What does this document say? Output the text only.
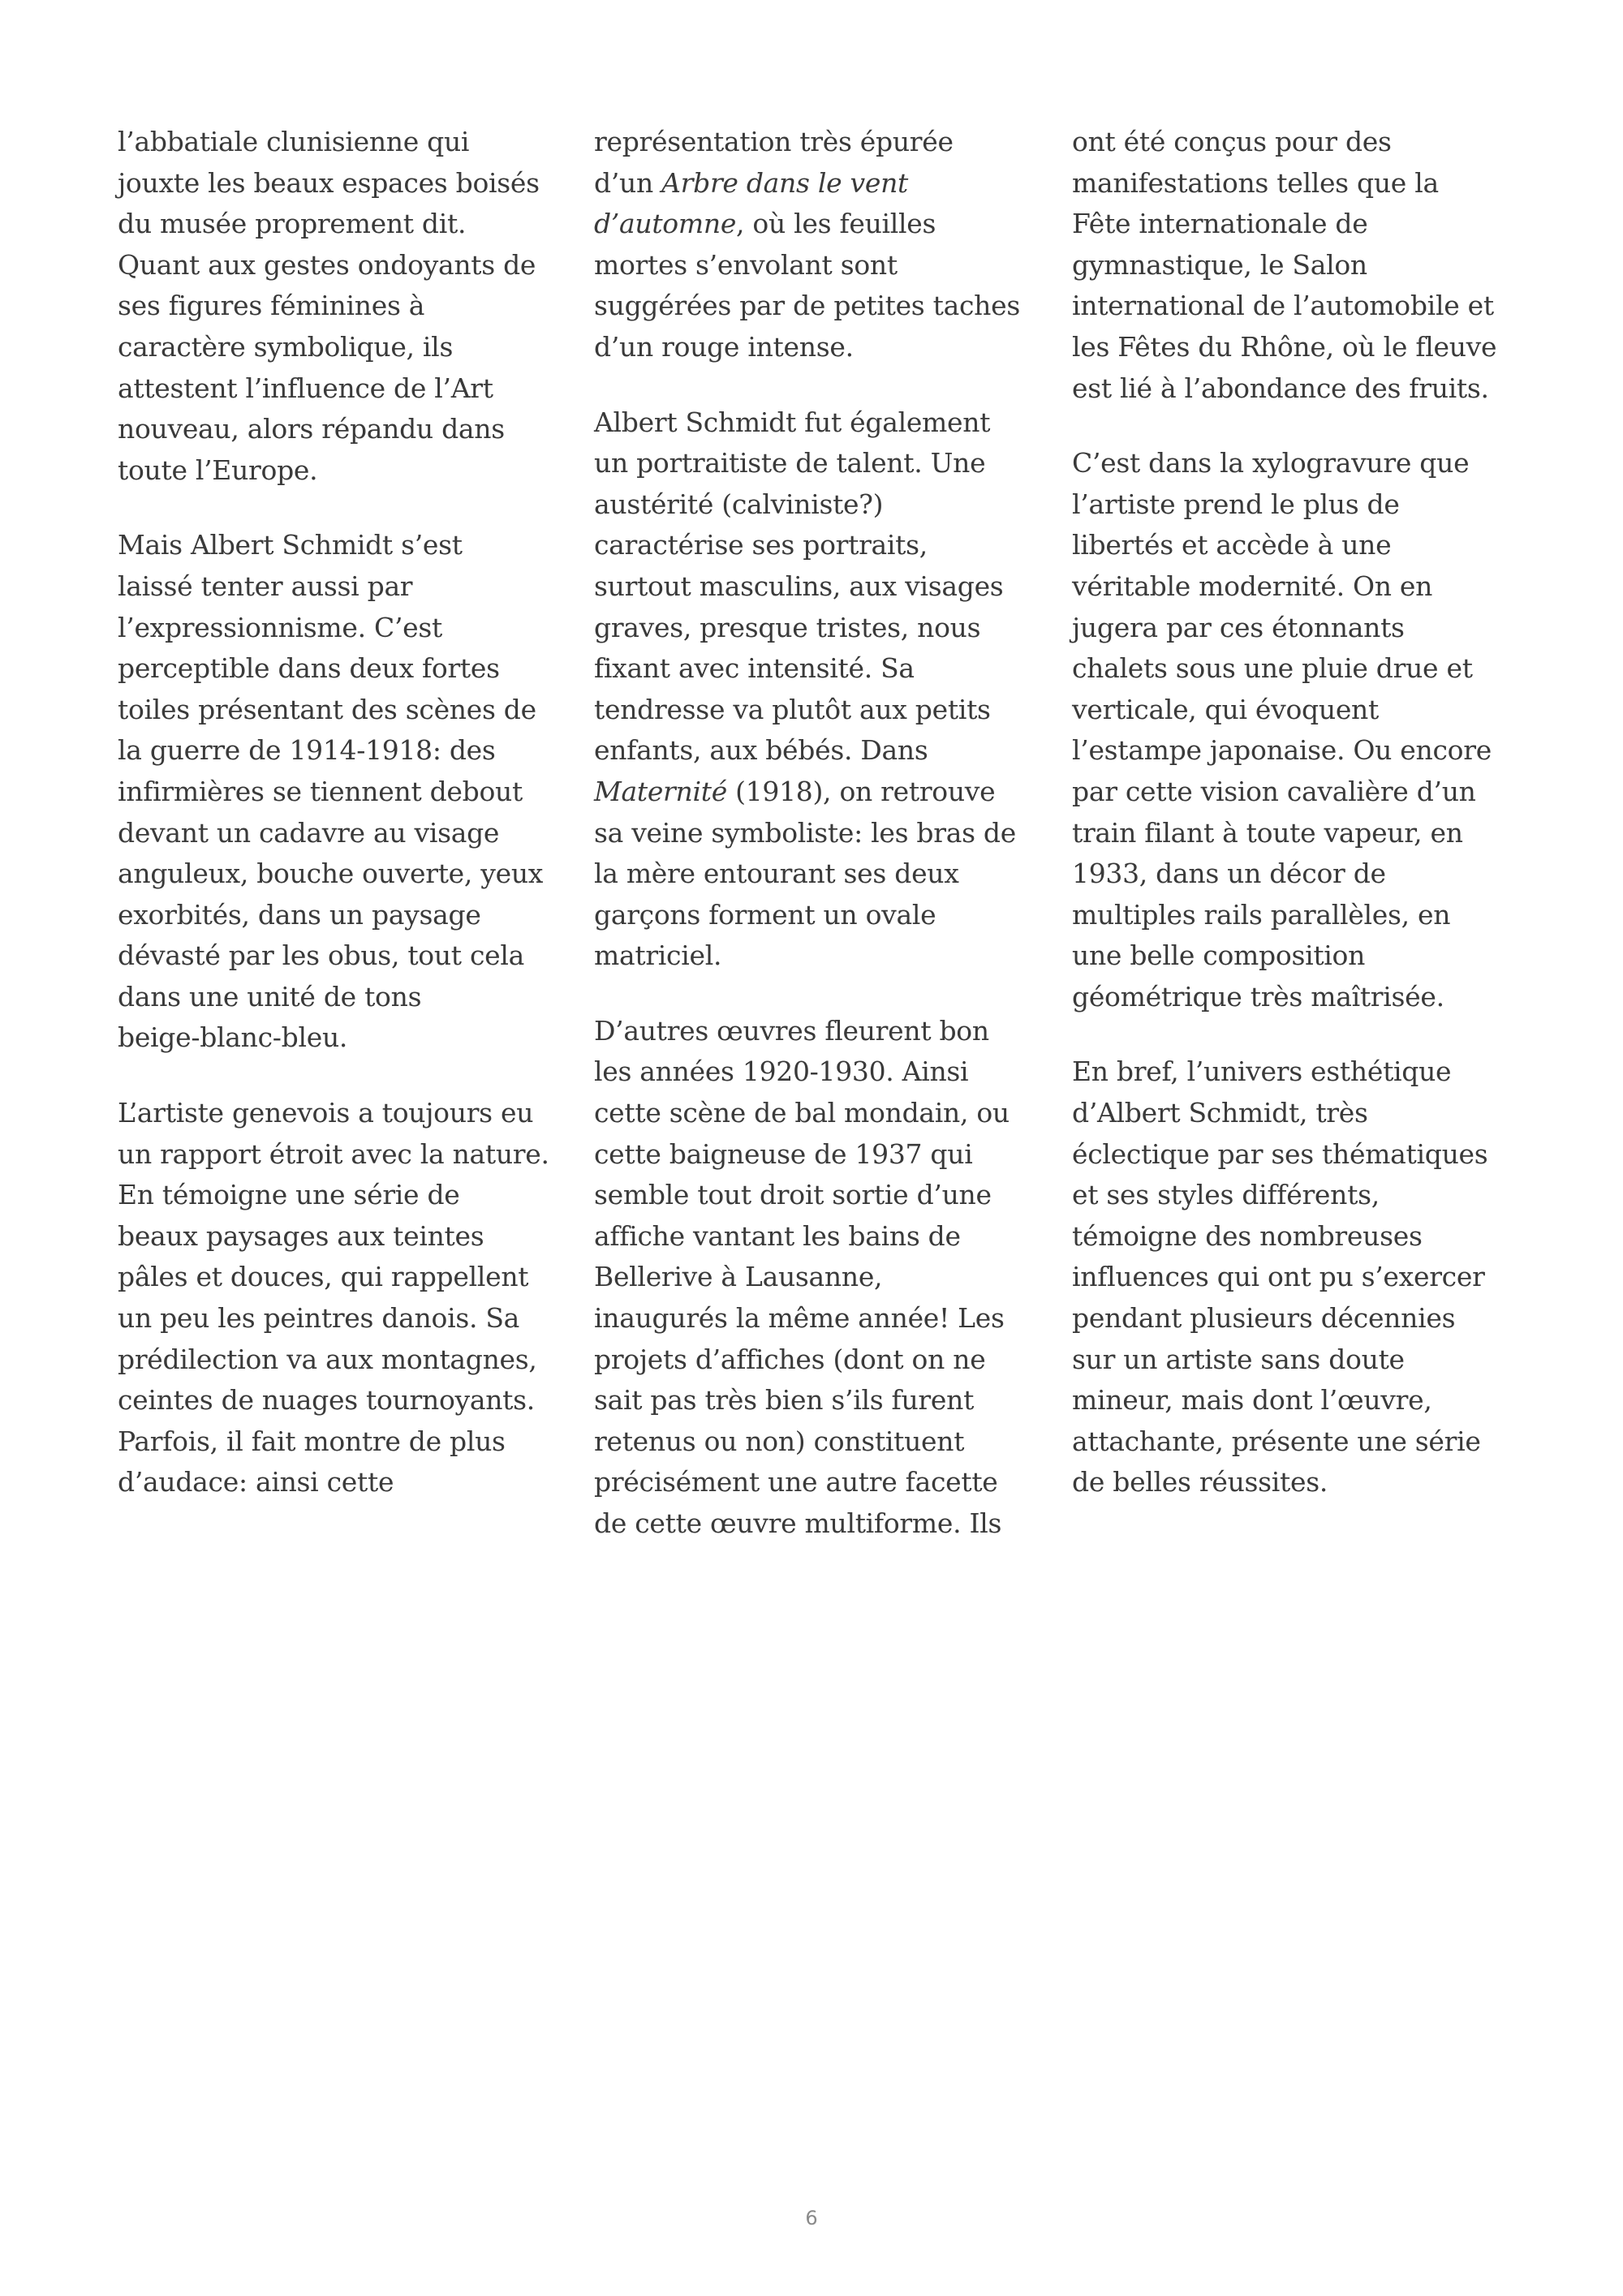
l’abbatiale clunisienne qui
jouxte les beaux espaces boisés
du musée proprement dit.
Quant aux gestes ondoyants de
ses figures féminines à
caractère symbolique, ils
attestent l’influence de l’Art
nouveau, alors répandu dans
toute l’Europe.

Mais Albert Schmidt s’est
laissé tenter aussi par
l’expressionnisme. C’est
perceptible dans deux fortes
toiles présentant des scènes de
la guerre de 1914-1918: des
infirmières se tiennent debout
devant un cadavre au visage
anguleux, bouche ouverte, yeux
exorbités, dans un paysage
dévasté par les obus, tout cela
dans une unité de tons
beige-blanc-bleu.

L’artiste genevois a toujours eu
un rapport étroit avec la nature.
En témoigne une série de
beaux paysages aux teintes
pâles et douces, qui rappellent
un peu les peintres danois. Sa
prédilection va aux montagnes,
ceintes de nuages tournoyants.
Parfois, il fait montre de plus
d’audace: ainsi cette

représentation très épurée
d’un Arbre dans le vent
d’automne, où les feuilles
mortes s’envolant sont
suggérées par de petites taches
d’un rouge intense.

Albert Schmidt fut également
un portraitiste de talent. Une
austérité (calviniste?)
caractérise ses portraits,
surtout masculins, aux visages
graves, presque tristes, nous
fixant avec intensité. Sa
tendresse va plutôt aux petits
enfants, aux bébés. Dans
Maternité (1918), on retrouve
sa veine symboliste: les bras de
la mère entourant ses deux
garçons forment un ovale
matriciel.

D’autres œuvres fleurent bon
les années 1920-1930. Ainsi
cette scène de bal mondain, ou
cette baigneuse de 1937 qui
semble tout droit sortie d’une
affiche vantant les bains de
Bellerive à Lausanne,
inaugurés la même année! Les
projets d’affiches (dont on ne
sait pas très bien s’ils furent
retenus ou non) constituent
précisément une autre facette
de cette œuvre multiforme. Ils

ont été conçus pour des
manifestations telles que la
Fête internationale de
gymnastique, le Salon
international de l’automobile et
les Fêtes du Rhône, où le fleuve
est lié à l’abondance des fruits.

C’est dans la xylogravure que
l’artiste prend le plus de
libertés et accède à une
véritable modernité. On en
jugera par ces étonnants
chalets sous une pluie drue et
verticale, qui évoquent
l’estampe japonaise. Ou encore
par cette vision cavalière d’un
train filant à toute vapeur, en
1933, dans un décor de
multiples rails parallèles, en
une belle composition
géométrique très maîtrisée.

En bref, l’univers esthétique
d’Albert Schmidt, très
éclectique par ses thématiques
et ses styles différents,
témoigne des nombreuses
influences qui ont pu s’exercer
pendant plusieurs décennies
sur un artiste sans doute
mineur, mais dont l’œuvre,
attachante, présente une série
de belles réussites.

6
